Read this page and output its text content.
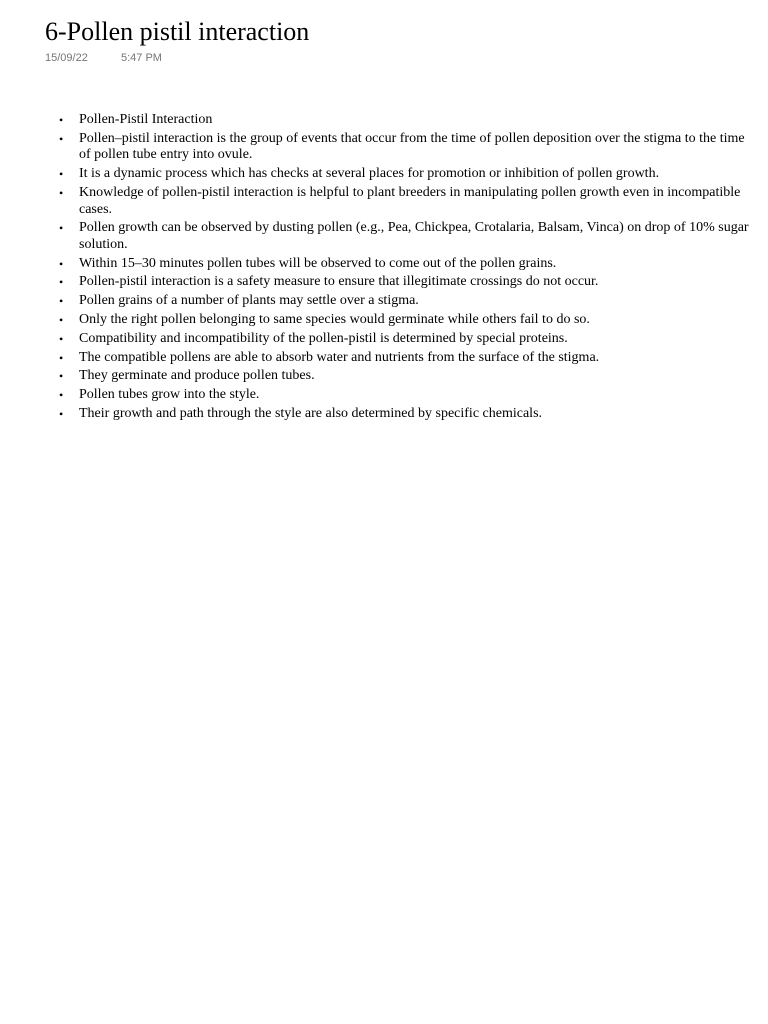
6-Pollen pistil interaction
15/09/22	5:47 PM
• Pollen-Pistil Interaction
• Pollen–pistil interaction is the group of events that occur from the time of pollen deposition over the stigma to the time of pollen tube entry into ovule.
• It is a dynamic process which has checks at several places for promotion or inhibition of pollen growth.
• Knowledge of pollen-pistil interaction is helpful to plant breeders in manipulating pollen growth even in incompatible cases.
• Pollen growth can be observed by dusting pollen (e.g., Pea, Chickpea, Crotalaria, Balsam, Vinca) on drop of 10% sugar solution.
• Within 15–30 minutes pollen tubes will be observed to come out of the pollen grains.
• Pollen-pistil interaction is a safety measure to ensure that illegitimate crossings do not occur.
• Pollen grains of a number of plants may settle over a stigma.
• Only the right pollen belonging to same species would germinate while others fail to do so.
• Compatibility and incompatibility of the pollen-pistil is determined by special proteins.
• The compatible pollens are able to absorb water and nutrients from the surface of the stigma.
• They germinate and produce pollen tubes.
• Pollen tubes grow into the style.
• Their growth and path through the style are also determined by specific chemicals.
